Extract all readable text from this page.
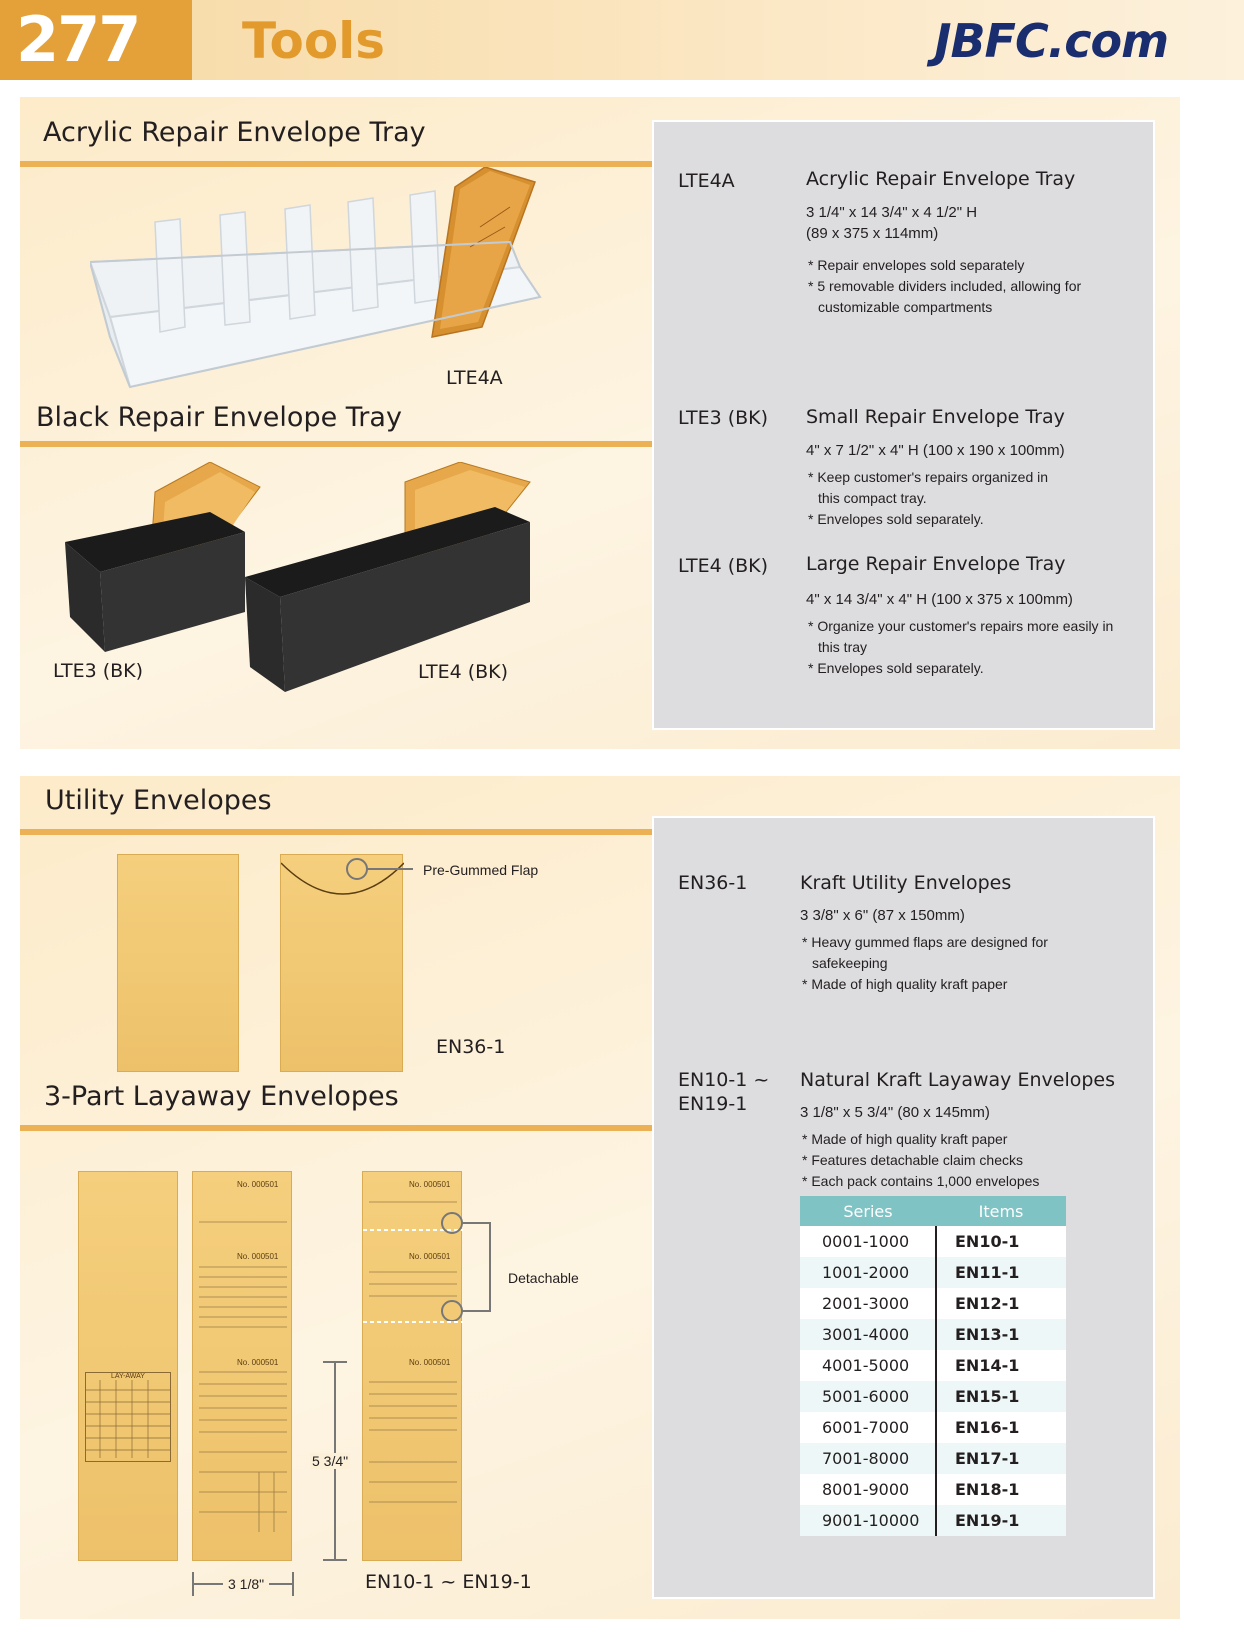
277	Tools	JBFC.com
Acrylic Repair Envelope Tray
LTE4A
Black Repair Envelope Tray
LTE3 (BK)	LTE4 (BK)
LTE4A	Acrylic Repair Envelope Tray
3 1/4" x 14 3/4" x 4 1/2" H
(89 x 375 x 114mm)
* Repair envelopes sold separately
* 5 removable dividers included, allowing for customizable compartments
LTE3 (BK) Small Repair Envelope Tray
4" x 7 1/2" x 4" H (100 x 190 x 100mm)
* Keep customer's repairs organized in this compact tray.
* Envelopes sold separately.
LTE4 (BK) Large Repair Envelope Tray
4" x 14 3/4" x 4" H (100 x 375 x 100mm)
* Organize your customer's repairs more easily in this tray
* Envelopes sold separately.
Utility Envelopes
Pre-Gummed Flap
EN36-1
3-Part Layaway Envelopes
LAY-AWAY
No. 000501
No. 000501
No. 000501
No. 000501
No. 000501
No. 000501
Detachable
5 3/4"
3 1/8"	EN10-1 ~ EN19-1
EN36-1	Kraft Utility Envelopes
3 3/8" x 6" (87 x 150mm)
* Heavy gummed flaps are designed for safekeeping
* Made of high quality kraft paper
EN10-1 ~
EN19-1
Natural Kraft Layaway Envelopes
3 1/8" x 5 3/4" (80 x 145mm)
* Made of high quality kraft paper
* Features detachable claim checks
* Each pack contains 1,000 envelopes
Series	Items
0001-1000	EN10-1
1001-2000	EN11-1
2001-3000	EN12-1
3001-4000	EN13-1
4001-5000	EN14-1
5001-6000	EN15-1
6001-7000	EN16-1
7001-8000	EN17-1
8001-9000	EN18-1
9001-10000	EN19-1
